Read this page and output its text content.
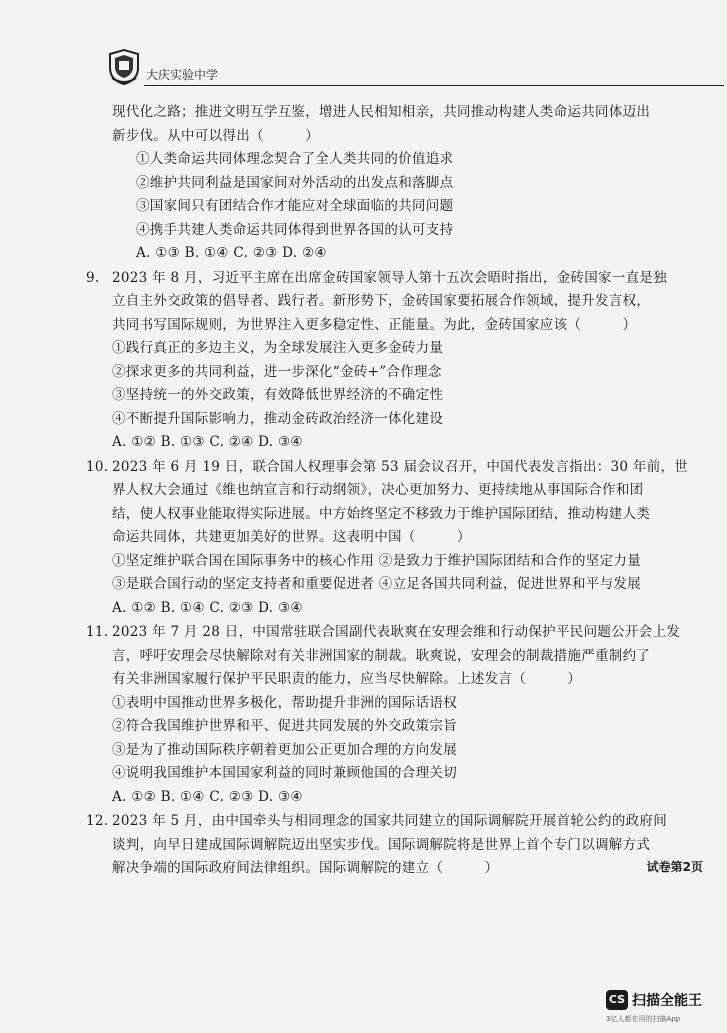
大庆实验中学
现代化之路；推进文明互学互鉴，增进人民相知相亲，共同推动构建人类命运共同体迈出
新步伐。从中可以得出（　　　）
①人类命运共同体理念契合了全人类共同的价值追求
②维护共同利益是国家间对外活动的出发点和落脚点
③国家间只有团结合作才能应对全球面临的共同问题
④携手共建人类命运共同体得到世界各国的认可支持
A. ①③ B. ①④ C. ②③ D. ②④
9. 2023 年 8 月，习近平主席在出席金砖国家领导人第十五次会晤时指出，金砖国家一直是独
立自主外交政策的倡导者、践行者。新形势下，金砖国家要拓展合作领域，提升发言权，
共同书写国际规则，为世界注入更多稳定性、正能量。为此，金砖国家应该（　　　）
①践行真正的多边主义，为全球发展注入更多金砖力量
②探求更多的共同利益，进一步深化“金砖+”合作理念
③坚持统一的外交政策，有效降低世界经济的不确定性
④不断提升国际影响力，推动金砖政治经济一体化建设
A. ①② B. ①③ C. ②④ D. ③④
10. 2023 年 6 月 19 日，联合国人权理事会第 53 届会议召开，中国代表发言指出：30 年前，世
界人权大会通过《维也纳宣言和行动纲领》，决心更加努力、更持续地从事国际合作和团
结，使人权事业能取得实际进展。中方始终坚定不移致力于维护国际团结，推动构建人类
命运共同体，共建更加美好的世界。这表明中国（　　　）
①坚定维护联合国在国际事务中的核心作用 ②是致力于维护国际团结和合作的坚定力量
③是联合国行动的坚定支持者和重要促进者 ④立足各国共同利益，促进世界和平与发展
A. ①② B. ①④ C. ②③ D. ③④
11. 2023 年 7 月 28 日，中国常驻联合国副代表耿爽在安理会维和行动保护平民问题公开会上发
言，呼吁安理会尽快解除对有关非洲国家的制裁。耿爽说，安理会的制裁措施严重制约了
有关非洲国家履行保护平民职责的能力，应当尽快解除。上述发言（　　　）
①表明中国推动世界多极化，帮助提升非洲的国际话语权
②符合我国维护世界和平、促进共同发展的外交政策宗旨
③是为了推动国际秩序朝着更加公正更加合理的方向发展
④说明我国维护本国国家利益的同时兼顾他国的合理关切
A. ①② B. ①④ C. ②③ D. ③④
12. 2023 年 5 月，由中国牵头与相同理念的国家共同建立的国际调解院开展首轮公约的政府间
谈判，向早日建成国际调解院迈出坚实步伐。国际调解院将是世界上首个专门以调解方式
解决争端的国际政府间法律组织。国际调解院的建立（　　　）	试卷第2页
CS 扫描全能王
3亿人都在用的扫描App
